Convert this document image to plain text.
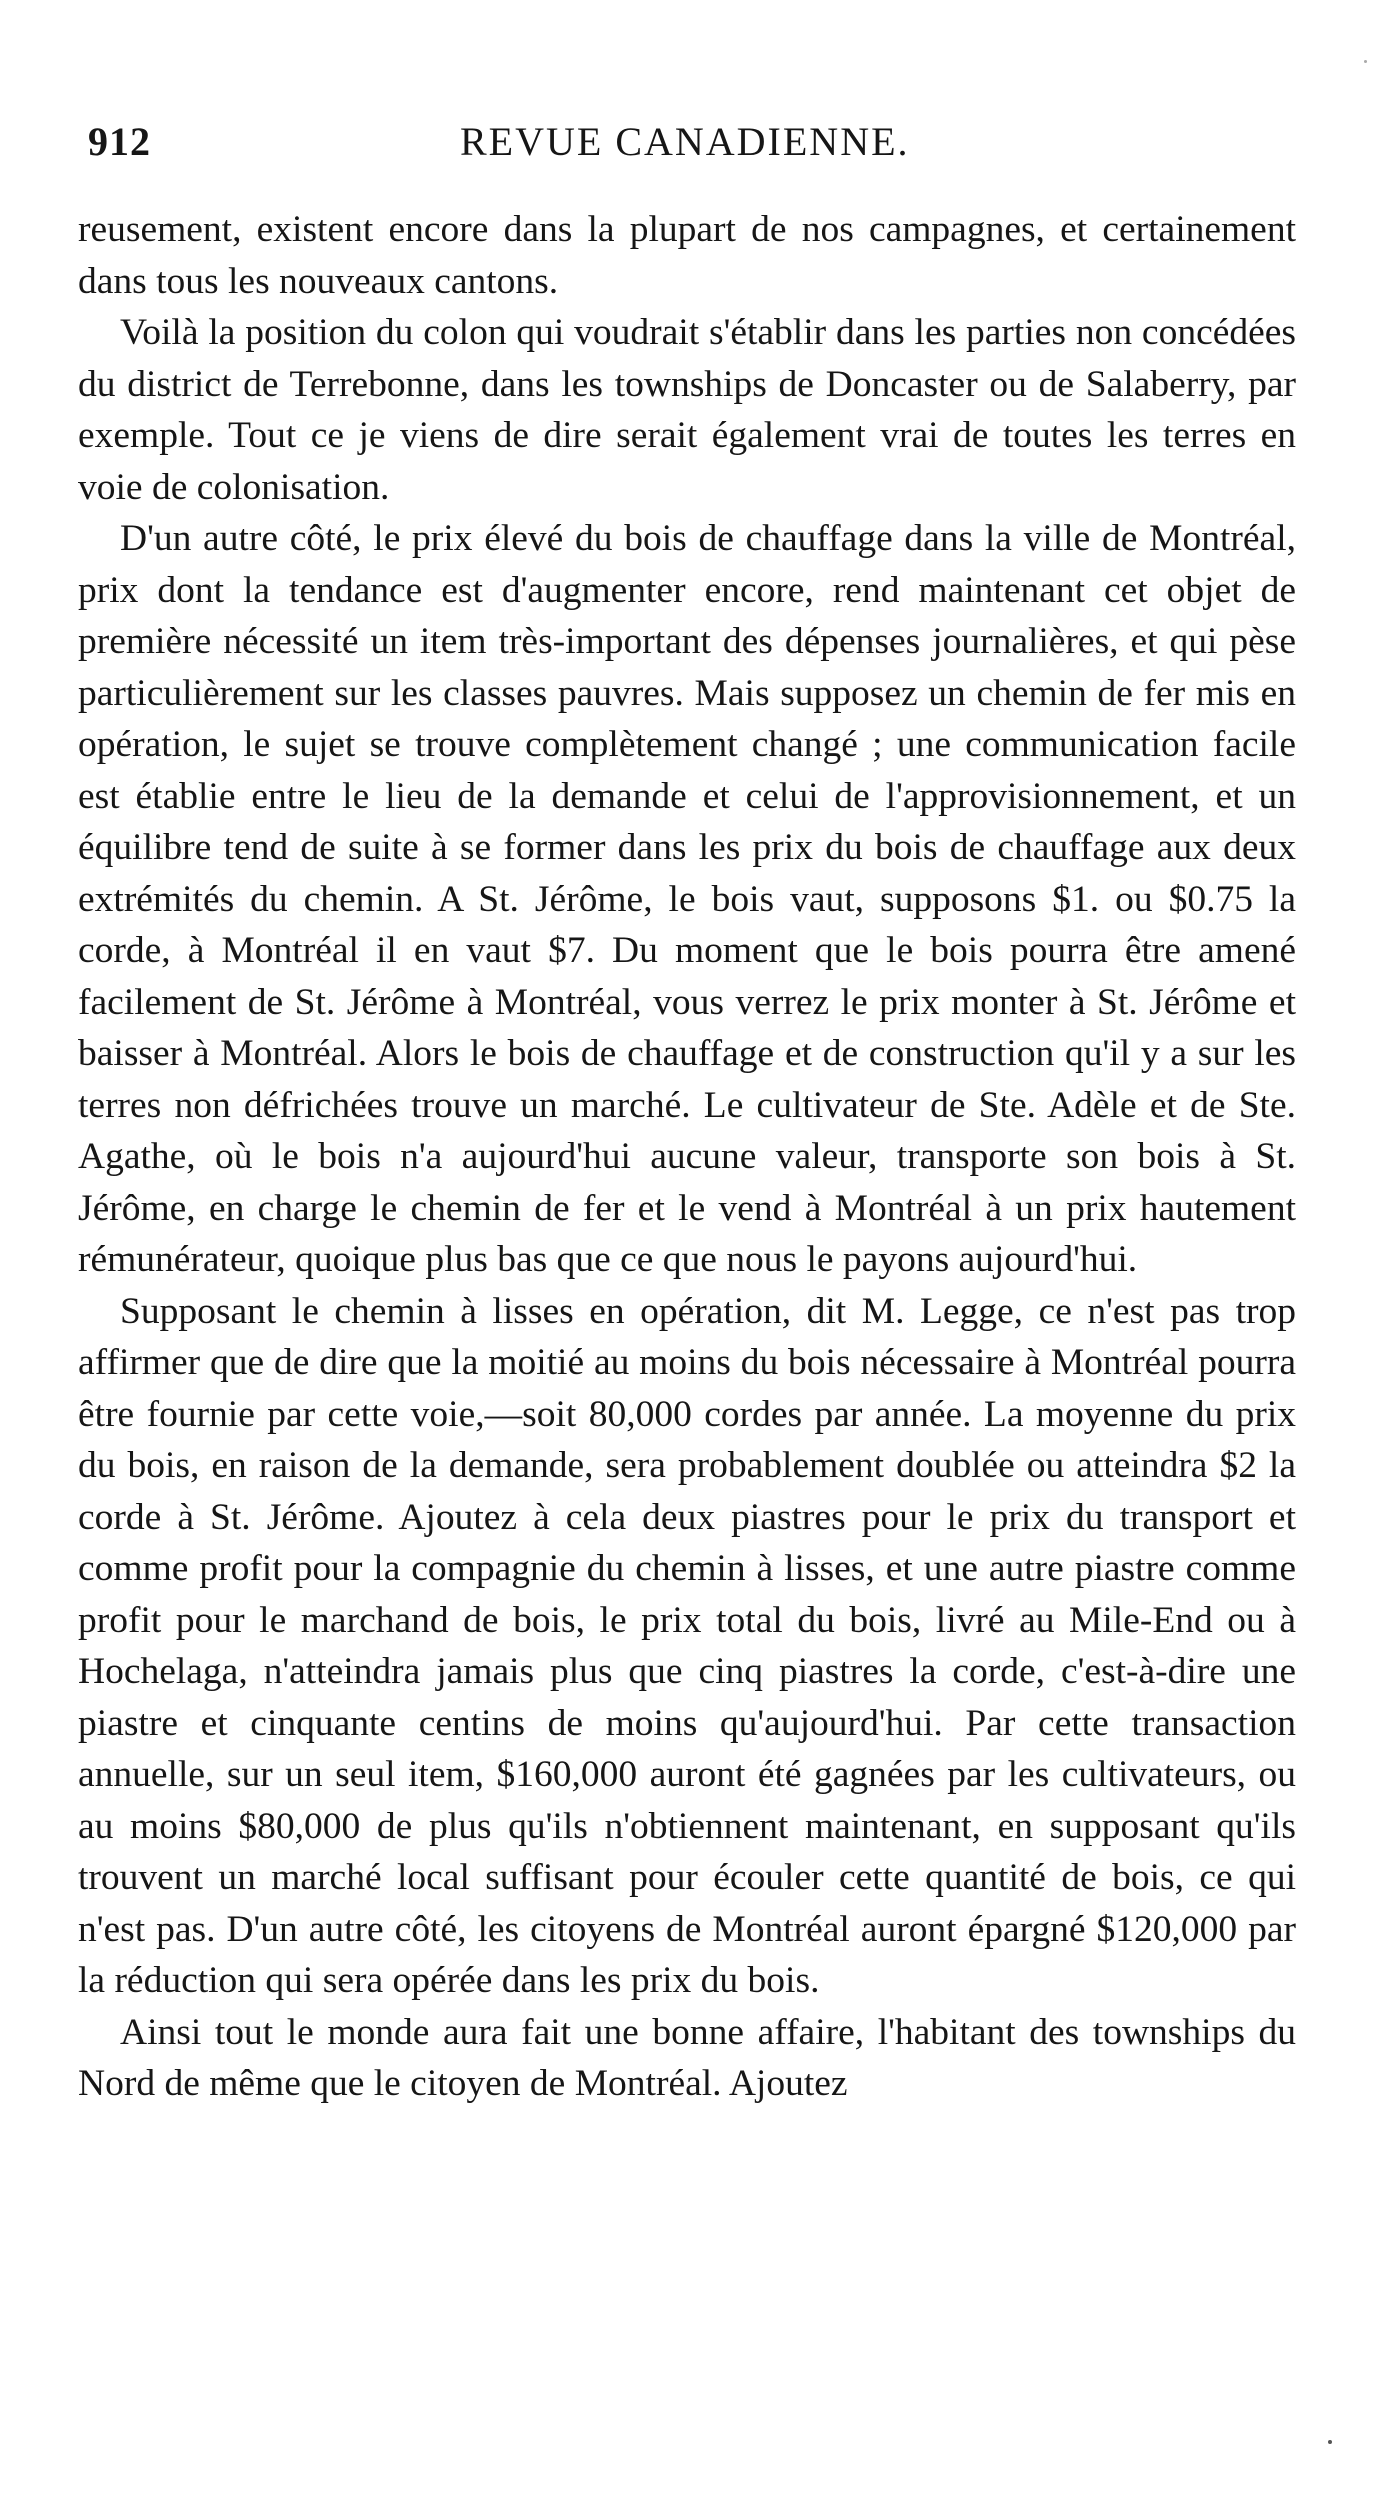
912	REVUE CANADIENNE.

reusement, existent encore dans la plupart de nos campagnes, et certainement dans tous les nouveaux cantons.

Voilà la position du colon qui voudrait s'établir dans les parties non concédées du district de Terrebonne, dans les townships de Doncaster ou de Salaberry, par exemple. Tout ce je viens de dire serait également vrai de toutes les terres en voie de colonisation.

D'un autre côté, le prix élevé du bois de chauffage dans la ville de Montréal, prix dont la tendance est d'augmenter encore, rend maintenant cet objet de première nécessité un item très-important des dépenses journalières, et qui pèse particulièrement sur les classes pauvres. Mais supposez un chemin de fer mis en opération, le sujet se trouve complètement changé ; une communication facile est établie entre le lieu de la demande et celui de l'approvisionnement, et un équilibre tend de suite à se former dans les prix du bois de chauffage aux deux extrémités du chemin. A St. Jérôme, le bois vaut, supposons $1. ou $0.75 la corde, à Montréal il en vaut $7. Du moment que le bois pourra être amené facilement de St. Jérôme à Montréal, vous verrez le prix monter à St. Jérôme et baisser à Montréal. Alors le bois de chauffage et de construction qu'il y a sur les terres non défrichées trouve un marché. Le cultivateur de Ste. Adèle et de Ste. Agathe, où le bois n'a aujourd'hui aucune valeur, transporte son bois à St. Jérôme, en charge le chemin de fer et le vend à Montréal à un prix hautement rémunérateur, quoique plus bas que ce que nous le payons aujourd'hui.

Supposant le chemin à lisses en opération, dit M. Legge, ce n'est pas trop affirmer que de dire que la moitié au moins du bois nécessaire à Montréal pourra être fournie par cette voie,—soit 80,000 cordes par année. La moyenne du prix du bois, en raison de la demande, sera probablement doublée ou atteindra $2 la corde à St. Jérôme. Ajoutez à cela deux piastres pour le prix du transport et comme profit pour la compagnie du chemin à lisses, et une autre piastre comme profit pour le marchand de bois, le prix total du bois, livré au Mile-End ou à Hochelaga, n'atteindra jamais plus que cinq piastres la corde, c'est-à-dire une piastre et cinquante centins de moins qu'aujourd'hui. Par cette transaction annuelle, sur un seul item, $160,000 auront été gagnées par les cultivateurs, ou au moins $80,000 de plus qu'ils n'obtiennent maintenant, en supposant qu'ils trouvent un marché local suffisant pour écouler cette quantité de bois, ce qui n'est pas. D'un autre côté, les citoyens de Montréal auront épargné $120,000 par la réduction qui sera opérée dans les prix du bois.

Ainsi tout le monde aura fait une bonne affaire, l'habitant des townships du Nord de même que le citoyen de Montréal. Ajoutez
